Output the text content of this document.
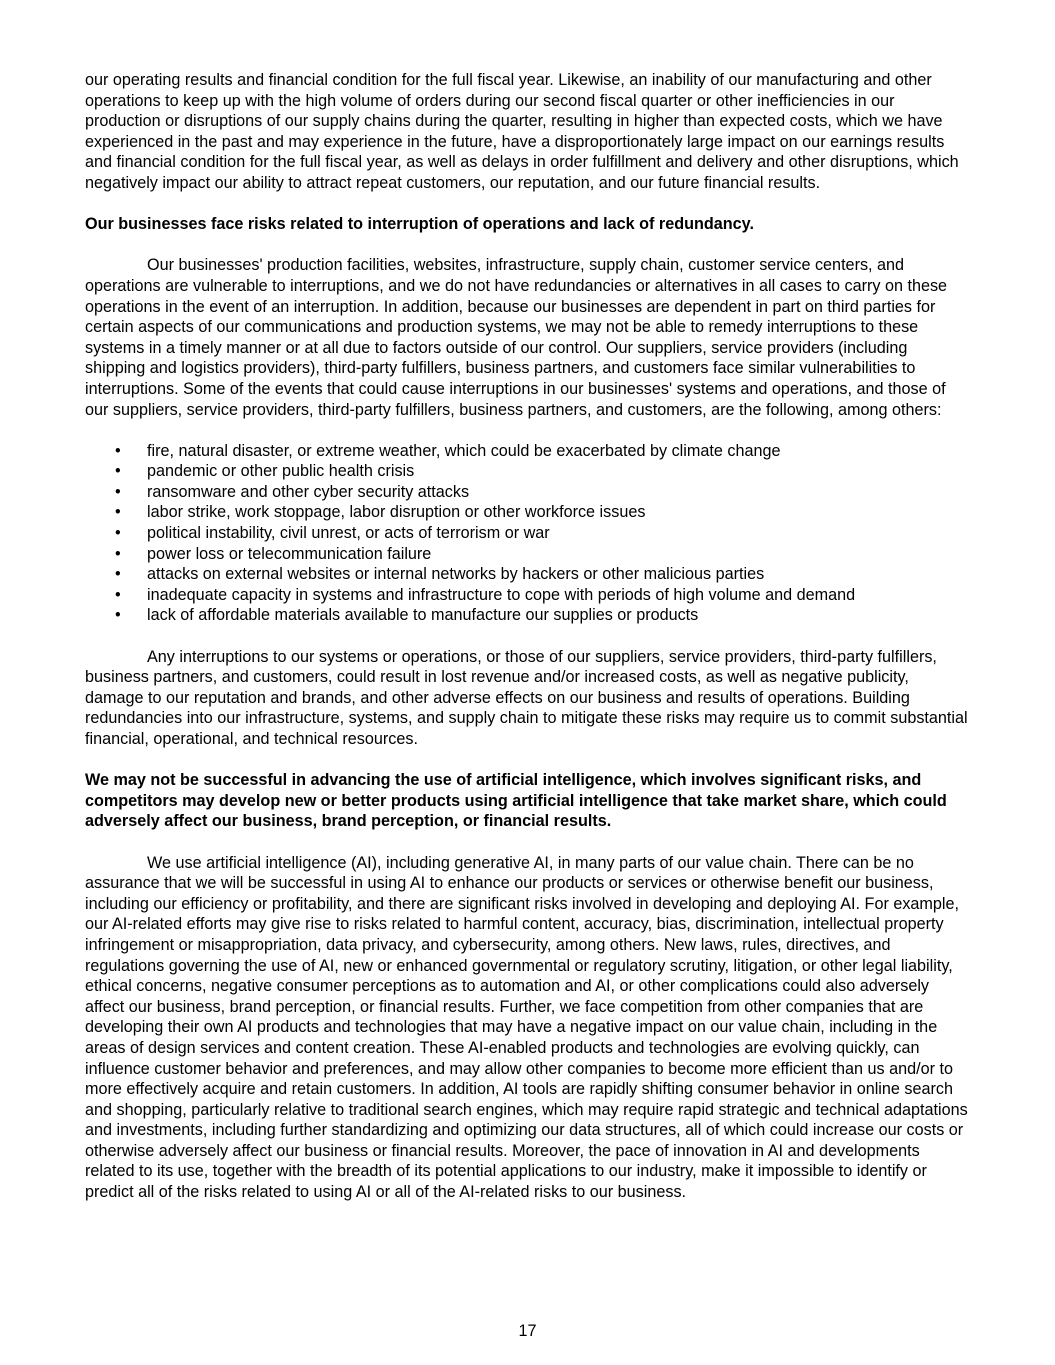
our operating results and financial condition for the full fiscal year. Likewise, an inability of our manufacturing and other operations to keep up with the high volume of orders during our second fiscal quarter or other inefficiencies in our production or disruptions of our supply chains during the quarter, resulting in higher than expected costs, which we have experienced in the past and may experience in the future, have a disproportionately large impact on our earnings results and financial condition for the full fiscal year, as well as delays in order fulfillment and delivery and other disruptions, which negatively impact our ability to attract repeat customers, our reputation, and our future financial results.

Our businesses face risks related to interruption of operations and lack of redundancy.

Our businesses' production facilities, websites, infrastructure, supply chain, customer service centers, and operations are vulnerable to interruptions, and we do not have redundancies or alternatives in all cases to carry on these operations in the event of an interruption. In addition, because our businesses are dependent in part on third parties for certain aspects of our communications and production systems, we may not be able to remedy interruptions to these systems in a timely manner or at all due to factors outside of our control. Our suppliers, service providers (including shipping and logistics providers), third-party fulfillers, business partners, and customers face similar vulnerabilities to interruptions. Some of the events that could cause interruptions in our businesses' systems and operations, and those of our suppliers, service providers, third-party fulfillers, business partners, and customers, are the following, among others:

• fire, natural disaster, or extreme weather, which could be exacerbated by climate change
• pandemic or other public health crisis
• ransomware and other cyber security attacks
• labor strike, work stoppage, labor disruption or other workforce issues
• political instability, civil unrest, or acts of terrorism or war
• power loss or telecommunication failure
• attacks on external websites or internal networks by hackers or other malicious parties
• inadequate capacity in systems and infrastructure to cope with periods of high volume and demand
• lack of affordable materials available to manufacture our supplies or products

Any interruptions to our systems or operations, or those of our suppliers, service providers, third-party fulfillers, business partners, and customers, could result in lost revenue and/or increased costs, as well as negative publicity, damage to our reputation and brands, and other adverse effects on our business and results of operations. Building redundancies into our infrastructure, systems, and supply chain to mitigate these risks may require us to commit substantial financial, operational, and technical resources.

We may not be successful in advancing the use of artificial intelligence, which involves significant risks, and competitors may develop new or better products using artificial intelligence that take market share, which could adversely affect our business, brand perception, or financial results.

We use artificial intelligence (AI), including generative AI, in many parts of our value chain. There can be no assurance that we will be successful in using AI to enhance our products or services or otherwise benefit our business, including our efficiency or profitability, and there are significant risks involved in developing and deploying AI. For example, our AI-related efforts may give rise to risks related to harmful content, accuracy, bias, discrimination, intellectual property infringement or misappropriation, data privacy, and cybersecurity, among others. New laws, rules, directives, and regulations governing the use of AI, new or enhanced governmental or regulatory scrutiny, litigation, or other legal liability, ethical concerns, negative consumer perceptions as to automation and AI, or other complications could also adversely affect our business, brand perception, or financial results. Further, we face competition from other companies that are developing their own AI products and technologies that may have a negative impact on our value chain, including in the areas of design services and content creation. These AI-enabled products and technologies are evolving quickly, can influence customer behavior and preferences, and may allow other companies to become more efficient than us and/or to more effectively acquire and retain customers. In addition, AI tools are rapidly shifting consumer behavior in online search and shopping, particularly relative to traditional search engines, which may require rapid strategic and technical adaptations and investments, including further standardizing and optimizing our data structures, all of which could increase our costs or otherwise adversely affect our business or financial results. Moreover, the pace of innovation in AI and developments related to its use, together with the breadth of its potential applications to our industry, make it impossible to identify or predict all of the risks related to using AI or all of the AI-related risks to our business.

17
